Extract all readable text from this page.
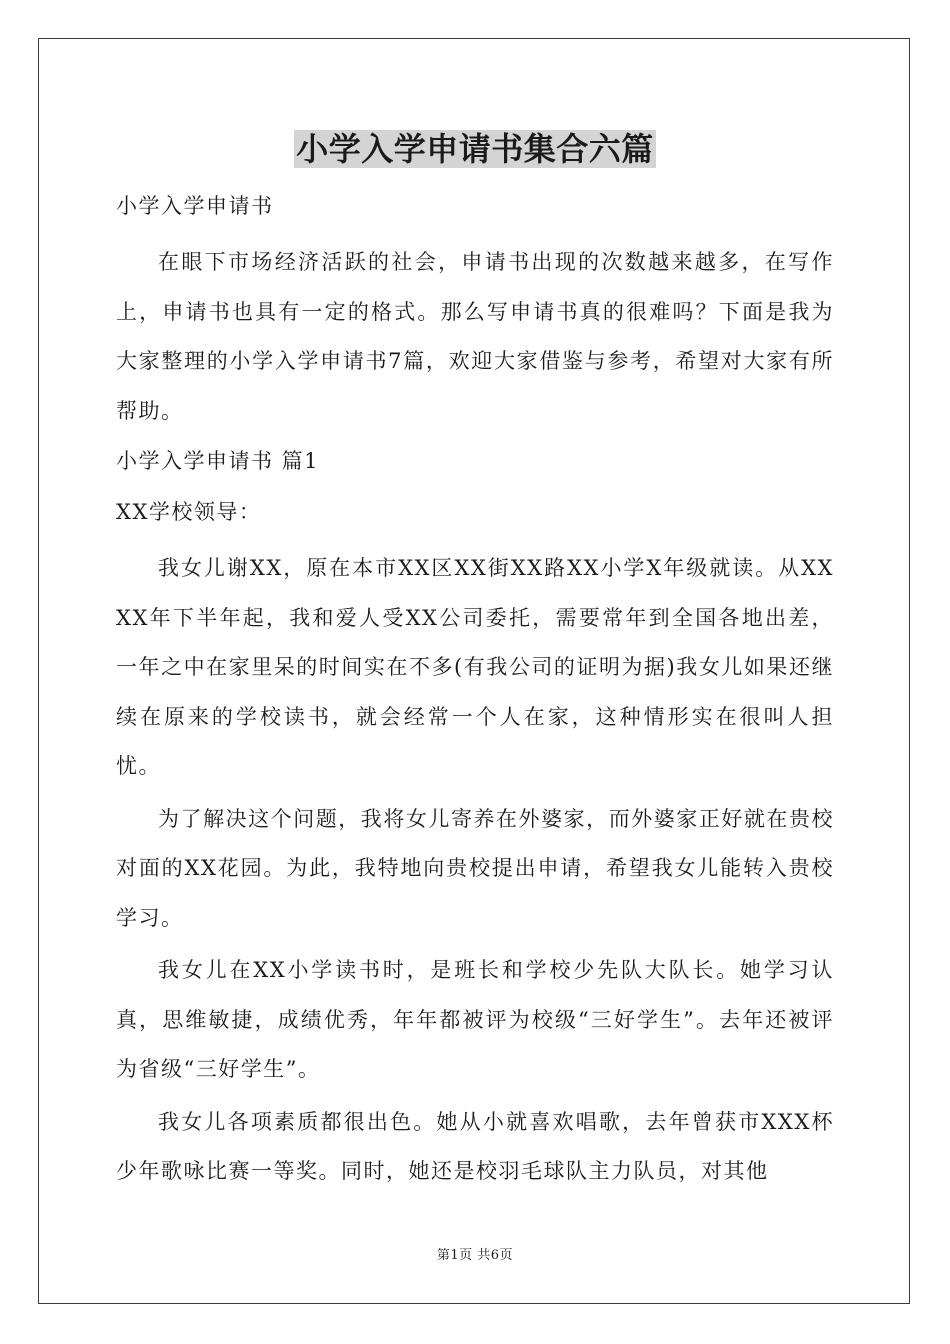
小学入学申请书集合六篇

小学入学申请书

在眼下市场经济活跃的社会，申请书出现的次数越来越多，在写作上，申请书也具有一定的格式。那么写申请书真的很难吗？下面是我为大家整理的小学入学申请书7篇，欢迎大家借鉴与参考，希望对大家有所帮助。

小学入学申请书 篇1

XX学校领导：

我女儿谢XX，原在本市XX区XX街XX路XX小学X年级就读。从XXXX年下半年起，我和爱人受XX公司委托，需要常年到全国各地出差，一年之中在家里呆的时间实在不多(有我公司的证明为据)我女儿如果还继续在原来的学校读书，就会经常一个人在家，这种情形实在很叫人担忧。

为了解决这个问题，我将女儿寄养在外婆家，而外婆家正好就在贵校对面的XX花园。为此，我特地向贵校提出申请，希望我女儿能转入贵校学习。

我女儿在XX小学读书时，是班长和学校少先队大队长。她学习认真，思维敏捷，成绩优秀，年年都被评为校级“三好学生”。去年还被评为省级“三好学生”。

我女儿各项素质都很出色。她从小就喜欢唱歌，去年曾获市XXX杯少年歌咏比赛一等奖。同时，她还是校羽毛球队主力队员，对其他

第1页 共6页
